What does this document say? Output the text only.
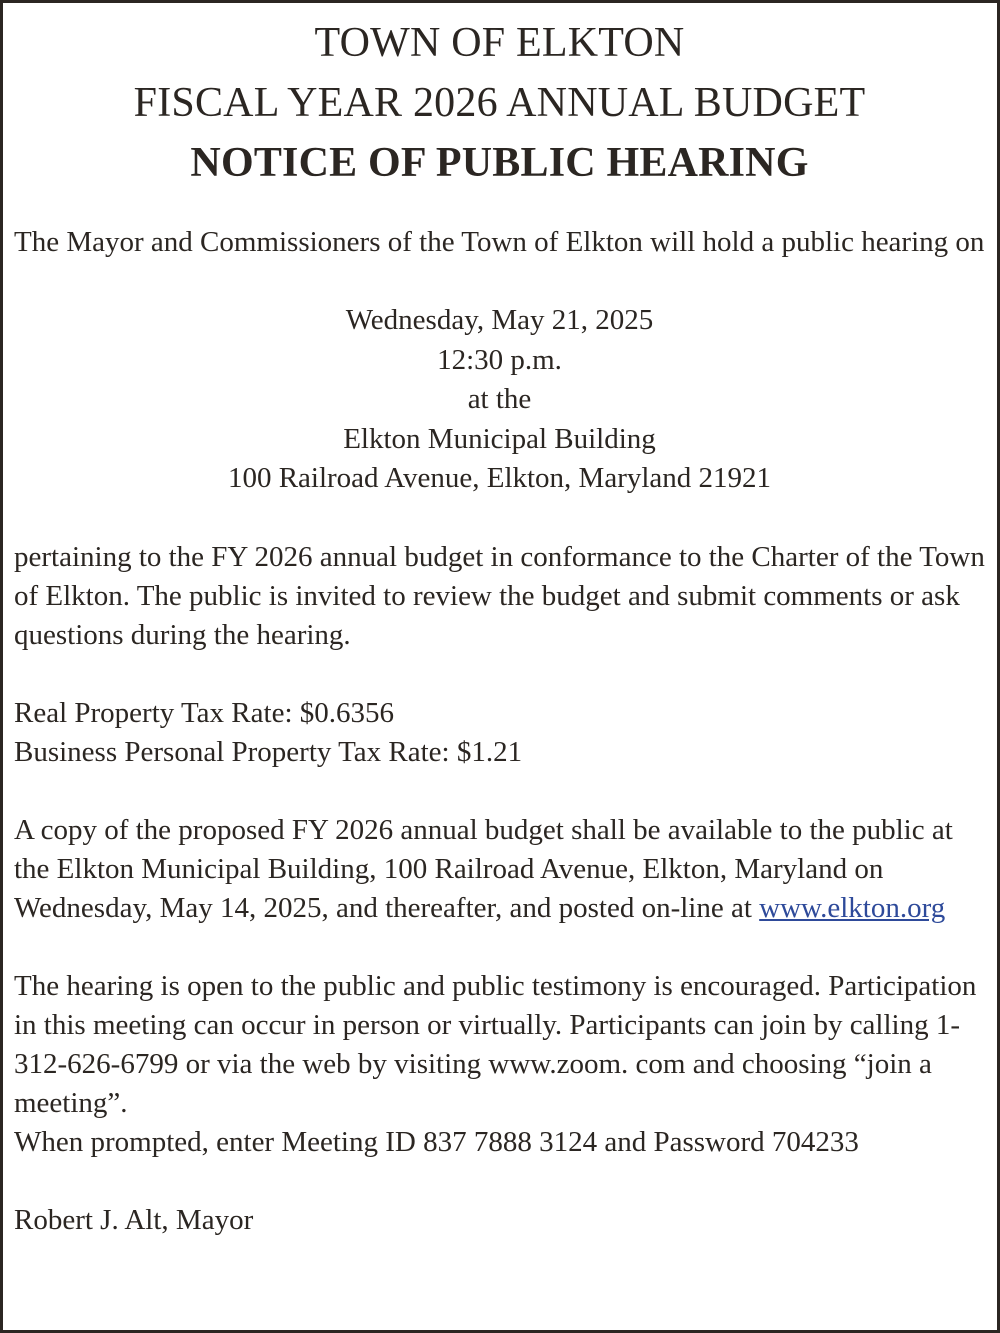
TOWN OF ELKTON
FISCAL YEAR 2026 ANNUAL BUDGET
NOTICE OF PUBLIC HEARING

The Mayor and Commissioners of the Town of Elkton will hold a public hearing on

Wednesday, May 21, 2025
12:30 p.m.
at the
Elkton Municipal Building
100 Railroad Avenue, Elkton, Maryland 21921

pertaining to the FY 2026 annual budget in conformance to the Charter of the Town of Elkton. The public is invited to review the budget and submit comments or ask questions during the hearing.

Real Property Tax Rate: $0.6356
Business Personal Property Tax Rate: $1.21

A copy of the proposed FY 2026 annual budget shall be available to the public at the Elkton Municipal Building, 100 Railroad Avenue, Elkton, Maryland on Wednesday, May 14, 2025, and thereafter, and posted on-line at www.elkton.org

The hearing is open to the public and public testimony is encouraged. Participation in this meeting can occur in person or virtually. Participants can join by calling 1-312-626-6799 or via the web by visiting www.zoom. com and choosing “join a meeting”.
When prompted, enter Meeting ID 837 7888 3124 and Password 704233

Robert J. Alt, Mayor
